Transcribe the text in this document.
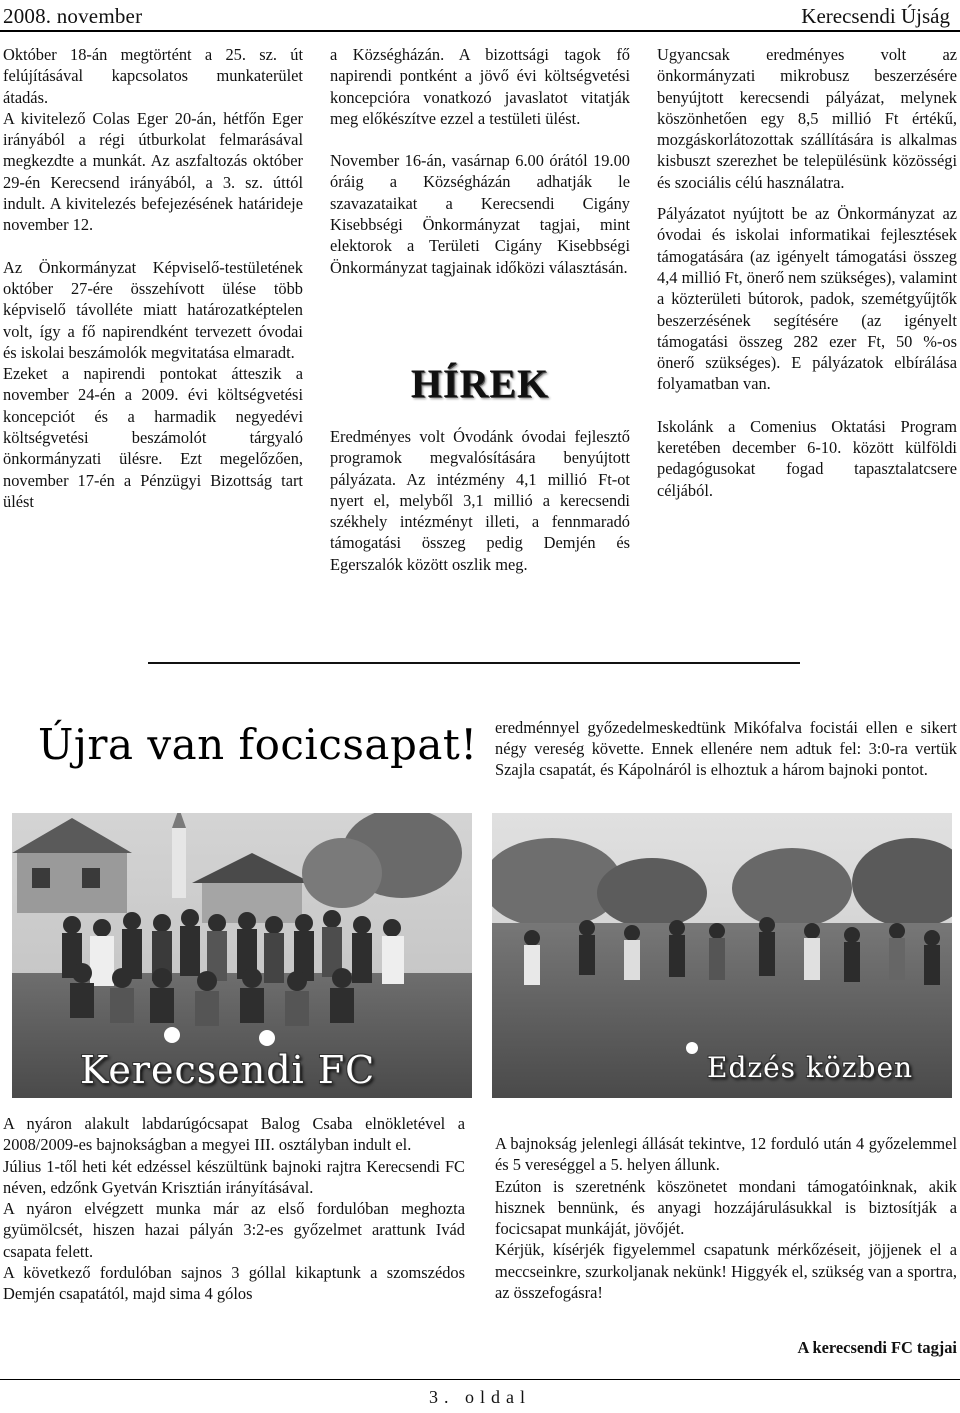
2008. november	Kerecsendi Újság

Október 18-án megtörtént a 25. sz. út felújításával kapcsolatos munkaterület átadás.

A kivitelező Colas Eger 20-án, hétfőn Eger irányából a régi útburkolat felmarásával megkezdte a munkát. Az aszfaltozás október 29-én Kerecsend irányából, a 3. sz. úttól indult. A kivitelezés befejezésének határideje november 12.

Az Önkormányzat Képviselő-testületének október 27-ére összehívott ülése több képviselő távolléte miatt határozatképtelen volt, így a fő napirendként tervezett óvodai és iskolai beszámolók megvitatása elmaradt.

Ezeket a napirendi pontokat átteszik a november 24-én a 2009. évi költségvetési koncepciót és a harmadik negyedévi költségvetési beszámolót tárgyaló önkormányzati ülésre. Ezt megelőzően, november 17-én a Pénzügyi Bizottság tart ülést

a Községházán. A bizottsági tagok fő napirendi pontként a jövő évi költségvetési koncepcióra vonatkozó javaslatot vitatják meg előkészítve ezzel a testületi ülést.

November 16-án, vasárnap 6.00 órától 19.00 óráig a Községházán adhatják le szavazataikat a Kerecsendi Cigány Kisebbségi Önkormányzat tagjai, mint elektorok a Területi Cigány Kisebbségi Önkormányzat tagjainak időközi választásán.

HÍREK

Eredményes volt Óvodánk óvodai fejlesztő programok megvalósítására benyújtott pályázata. Az intézmény 4,1 millió Ft-ot nyert el, melyből 3,1 millió a kerecsendi székhely intézményt illeti, a fennmaradó támogatási összeg pedig Demjén és Egerszalók között oszlik meg.

Ugyancsak eredményes volt az önkormányzati mikrobusz beszerzésére benyújtott kerecsendi pályázat, melynek köszönhetően egy 8,5 millió Ft értékű, mozgáskorlátozottak szállítására is alkalmas kisbuszt szerezhet be településünk közösségi és szociális célú használatra.

Pályázatot nyújtott be az Önkormányzat az óvodai és iskolai informatikai fejlesztések támogatására (az igényelt támogatási összeg 4,4 millió Ft, önerő nem szükséges), valamint a közterületi bútorok, padok, szemétgyűjtők beszerzésének segítésére (az igényelt támogatási összeg 282 ezer Ft, 50 %-os önerő szükséges). E pályázatok elbírálása folyamatban van.

Iskolánk a Comenius Oktatási Program keretében december 6-10. között külföldi pedagógusokat fogad tapasztalatcsere céljából.

Újra van focicsapat! eredménnyel győzedelmeskedtünk Mikófalva focistái ellen e sikert négy vereség követte. Ennek ellenére nem adtuk fel: 3:0-ra vertük Szajla csapatát, és Kápolnáról is elhoztuk a három bajnoki pontot.
Kerecsendi FC	Edzés közben

A nyáron alakult labdarúgócsapat Balog Csaba elnökletével a 2008/2009-es bajnokságban a megyei III. osztályban indult el.

Július 1-től heti két edzéssel készültünk bajnoki rajtra Kerecsendi FC néven, edzőnk Gyetván Krisztián irányításával.

A nyáron elvégzett munka már az első fordulóban meghozta gyümölcsét, hiszen hazai pályán 3:2-es győzelmet arattunk Ivád csapata felett.

A következő fordulóban sajnos 3 góllal kikaptunk a szomszédos Demjén csapatától, majd sima 4 gólos

A bajnokság jelenlegi állását tekintve, 12 forduló után 4 győzelemmel és 5 vereséggel a 5. helyen állunk.

Ezúton is szeretnénk köszönetet mondani támogatóinknak, akik hisznek bennünk, és anyagi hozzájárulásukkal is biztosítják a focicsapat munkáját, jövőjét.

Kérjük, kísérjék figyelemmel csapatunk mérkőzéseit, jöjjenek el a meccseinkre, szurkoljanak nekünk! Higgyék el, szükség van a sportra, az összefogásra!

A kerecsendi FC tagjai
3. oldal
